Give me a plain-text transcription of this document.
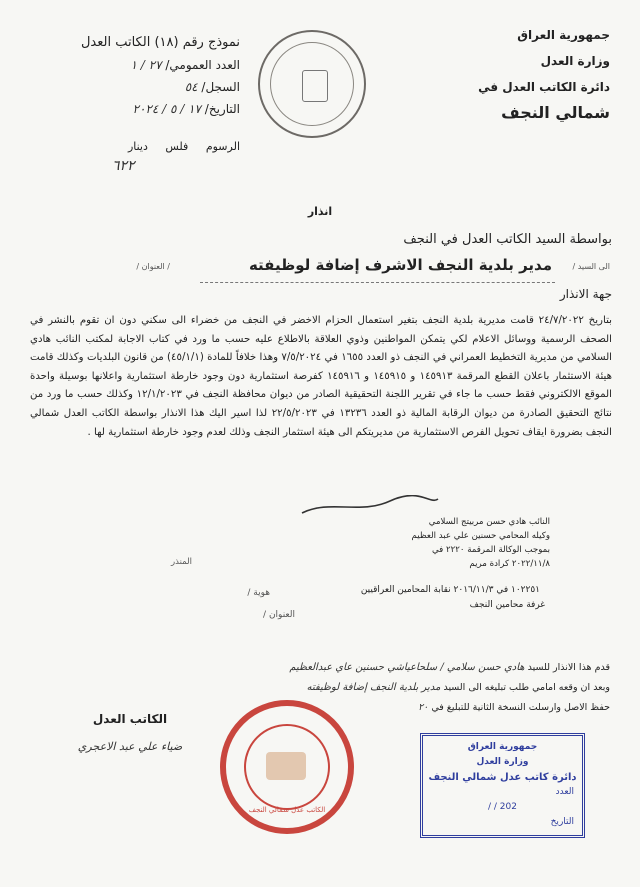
جمهورية العراق
وزارة العدل
دائرة الكاتب العدل في
شمالي النجف
نموذج رقم (١٨) الكاتب العدل
العدد العمومي/ ٢٧ / ١
السجل/ ٥٤
التاريخ/ ١٧ / ٥ / ٢٠٢٤
الرسوم     فلس     دينار
٦٢٢
انذار
بواسطة السيد الكاتب العدل في النجف
الى السيد /
مدير بلدية النجف الاشرف إضافة لوظيفته
/ العنوان /
جهة الانذار

بتاريخ ٢٤/٧/٢٠٢٢ قامت مديرية بلدية النجف بتغير استعمال الحزام الاخضر في النجف من خضراء الى سكني دون ان تقوم بالنشر في الصحف الرسمية ووسائل الاعلام لكي يتمكن المواطنين وذوي العلاقة بالاطلاع عليه حسب ما ورد في كتاب الاجابة لمكتب النائب هادي السلامي من مديرية التخطيط العمراني في النجف ذو العدد ١٦٥٥ في ٧/٥/٢٠٢٤ وهذا خلافاً للمادة (٤٥/١/١) من قانون البلديات وكذلك قامت هيئة الاستثمار باعلان القطع المرقمة ١٤٥٩١٣ و ١٤٥٩١٥ و ١٤٥٩١٦ كفرصة استثمارية دون وجود خارطة استثمارية واعلانها بوسيلة واحدة الموقع الالكتروني فقط حسب ما جاء في تقرير اللجنة التحقيقية الصادر من ديوان محافظة النجف في ١٢/١/٢٠٢٣ وكذلك حسب ما ورد من نتائج التحقيق الصادرة من ديوان الرقابة المالية ذو العدد ١٣٢٣٦ في ٢٢/٥/٢٠٢٣ لذا اسير اليك هذا الانذار بواسطة الكاتب العدل شمالي النجف بضرورة ايقاف تحويل الفرص الاستثمارية من مديريتكم الى هيئة استثمار النجف وذلك لعدم وجود خارطة استثمارية لها .

النائب هادي حسن مربيتج السلامي
وكيله المحامي حسنين علي عبد العظيم
بموجب الوكالة المرقمة ٢٢٢٠ في
٢٠٢٢/١١/٨ كرادة مريم
المنذر
هوية /	١٠٢٢٥١ في ٢٠١٦/١١/٣ نقابة المحامين العراقيين
غرفة محامين النجف
العنوان /
قدم هذا الانذار للسيد هادي حسن سلامي / سلحاعياشي حسنين عاي عبدالعظيم
وبعد ان وقعه امامي طلب تبليغه الى السيد مدير بلدية النجف إضافة لوظيفته
حفظ الاصل وارسلت النسخة الثانية للتبليغ في ٢٠
الكاتب العدل
ضياء علي عبد الاعجري
الكاتب عدل شمالي النجف
جمهورية العراق
وزارة العدل
دائرة كاتب عدل شمالي النجف
العدد
202 / /
التاريخ
